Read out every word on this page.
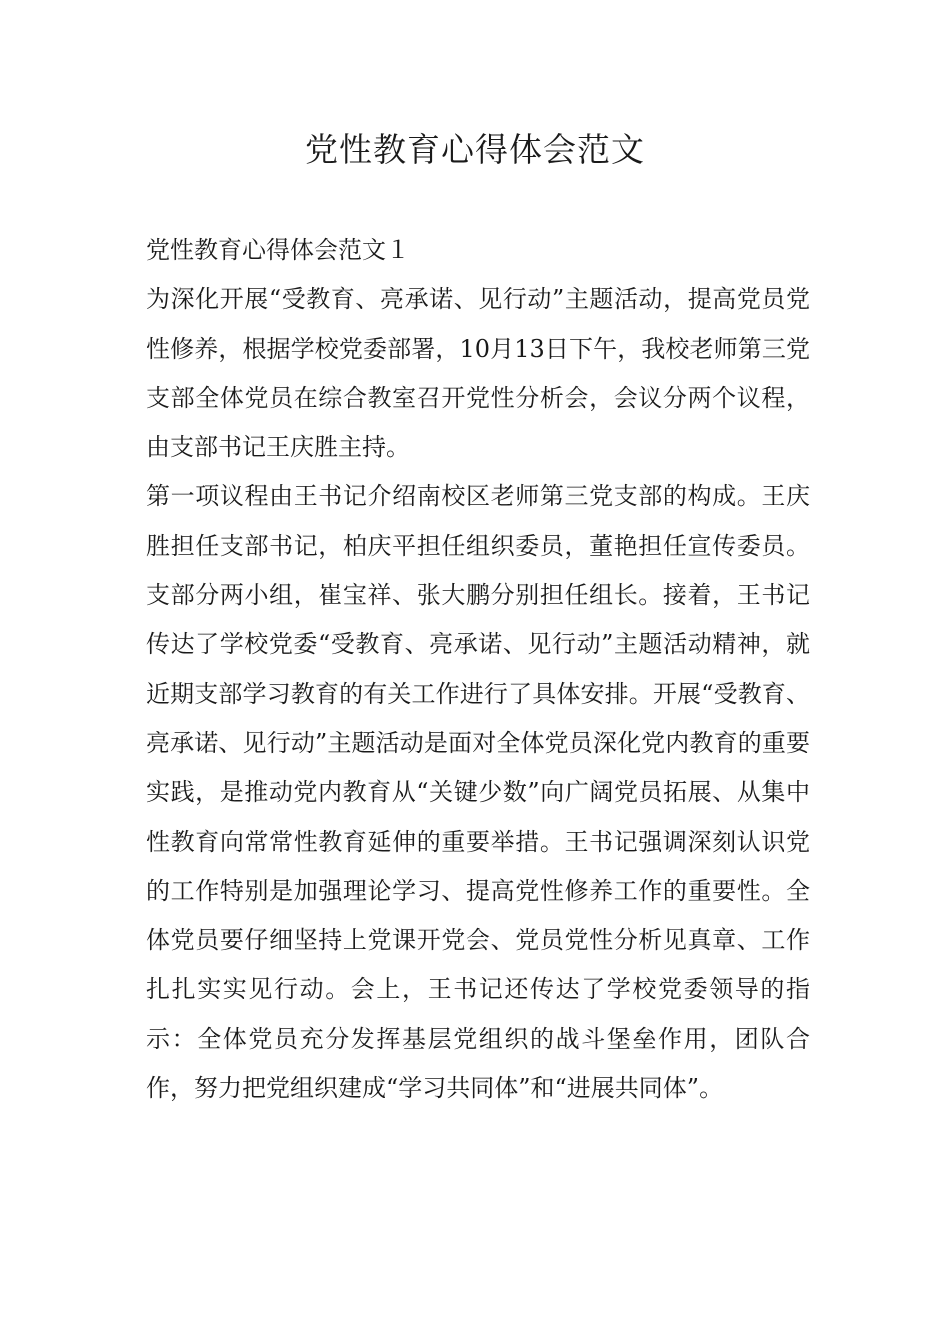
党性教育心得体会范文

党性教育心得体会范文１

为深化开展“受教育、亮承诺、见行动”主题活动，提高党员党性修养，根据学校党委部署，10月13日下午，我校老师第三党支部全体党员在综合教室召开党性分析会，会议分两个议程，由支部书记王庆胜主持。

第一项议程由王书记介绍南校区老师第三党支部的构成。王庆胜担任支部书记，柏庆平担任组织委员，董艳担任宣传委员。支部分两小组，崔宝祥、张大鹏分别担任组长。接着，王书记传达了学校党委“受教育、亮承诺、见行动”主题活动精神，就近期支部学习教育的有关工作进行了具体安排。开展“受教育、亮承诺、见行动”主题活动是面对全体党员深化党内教育的重要实践，是推动党内教育从“关键少数”向广阔党员拓展、从集中性教育向常常性教育延伸的重要举措。王书记强调深刻认识党的工作特别是加强理论学习、提高党性修养工作的重要性。全体党员要仔细坚持上党课开党会、党员党性分析见真章、工作扎扎实实见行动。会上，王书记还传达了学校党委领导的指示：全体党员充分发挥基层党组织的战斗堡垒作用，团队合作，努力把党组织建成“学习共同体”和“进展共同体”。
